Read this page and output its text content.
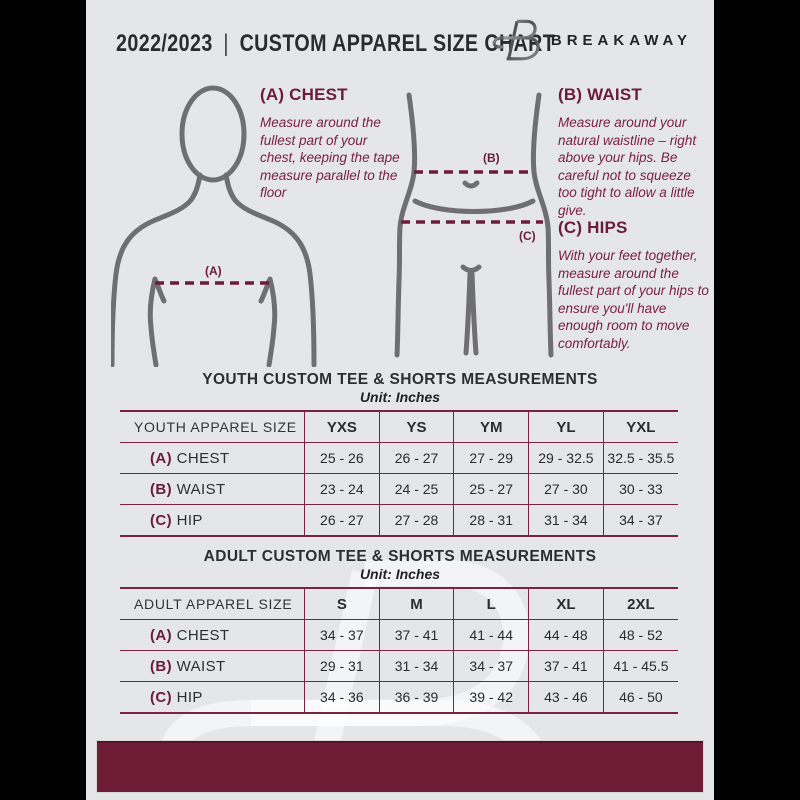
2022/2023 | CUSTOM APPAREL SIZE CHART
BREAKAWAY
(A)

(A) CHEST

Measure around the fullest part of your chest, keeping the tape measure parallel to the floor

(B)
(C)

(B) WAIST

Measure around your natural waistline – right above your hips. Be careful not to squeeze too tight to allow a little give.

(C) HIPS

With your feet together, measure around the fullest part of your hips to ensure you'll have enough room to move comfortably.

YOUTH CUSTOM TEE & SHORTS MEASUREMENTS
Unit: Inches
YOUTH APPAREL SIZE	YXS	YS	YM	YL	YXL
(A) CHEST	25 - 26	26 - 27	27 - 29	29 - 32.5	32.5 - 35.5
(B) WAIST	23 - 24	24 - 25	25 - 27	27 - 30	30 - 33
(C) HIP	26 - 27	27 - 28	28 - 31	31 - 34	34 - 37
ADULT CUSTOM TEE & SHORTS MEASUREMENTS
Unit: Inches
ADULT APPAREL SIZE	S	M	L	XL	2XL
(A) CHEST	34 - 37	37 - 41	41 - 44	44 - 48	48 - 52
(B) WAIST	29 - 31	31 - 34	34 - 37	37 - 41	41 - 45.5
(C) HIP	34 - 36	36 - 39	39 - 42	43 - 46	46 - 50
